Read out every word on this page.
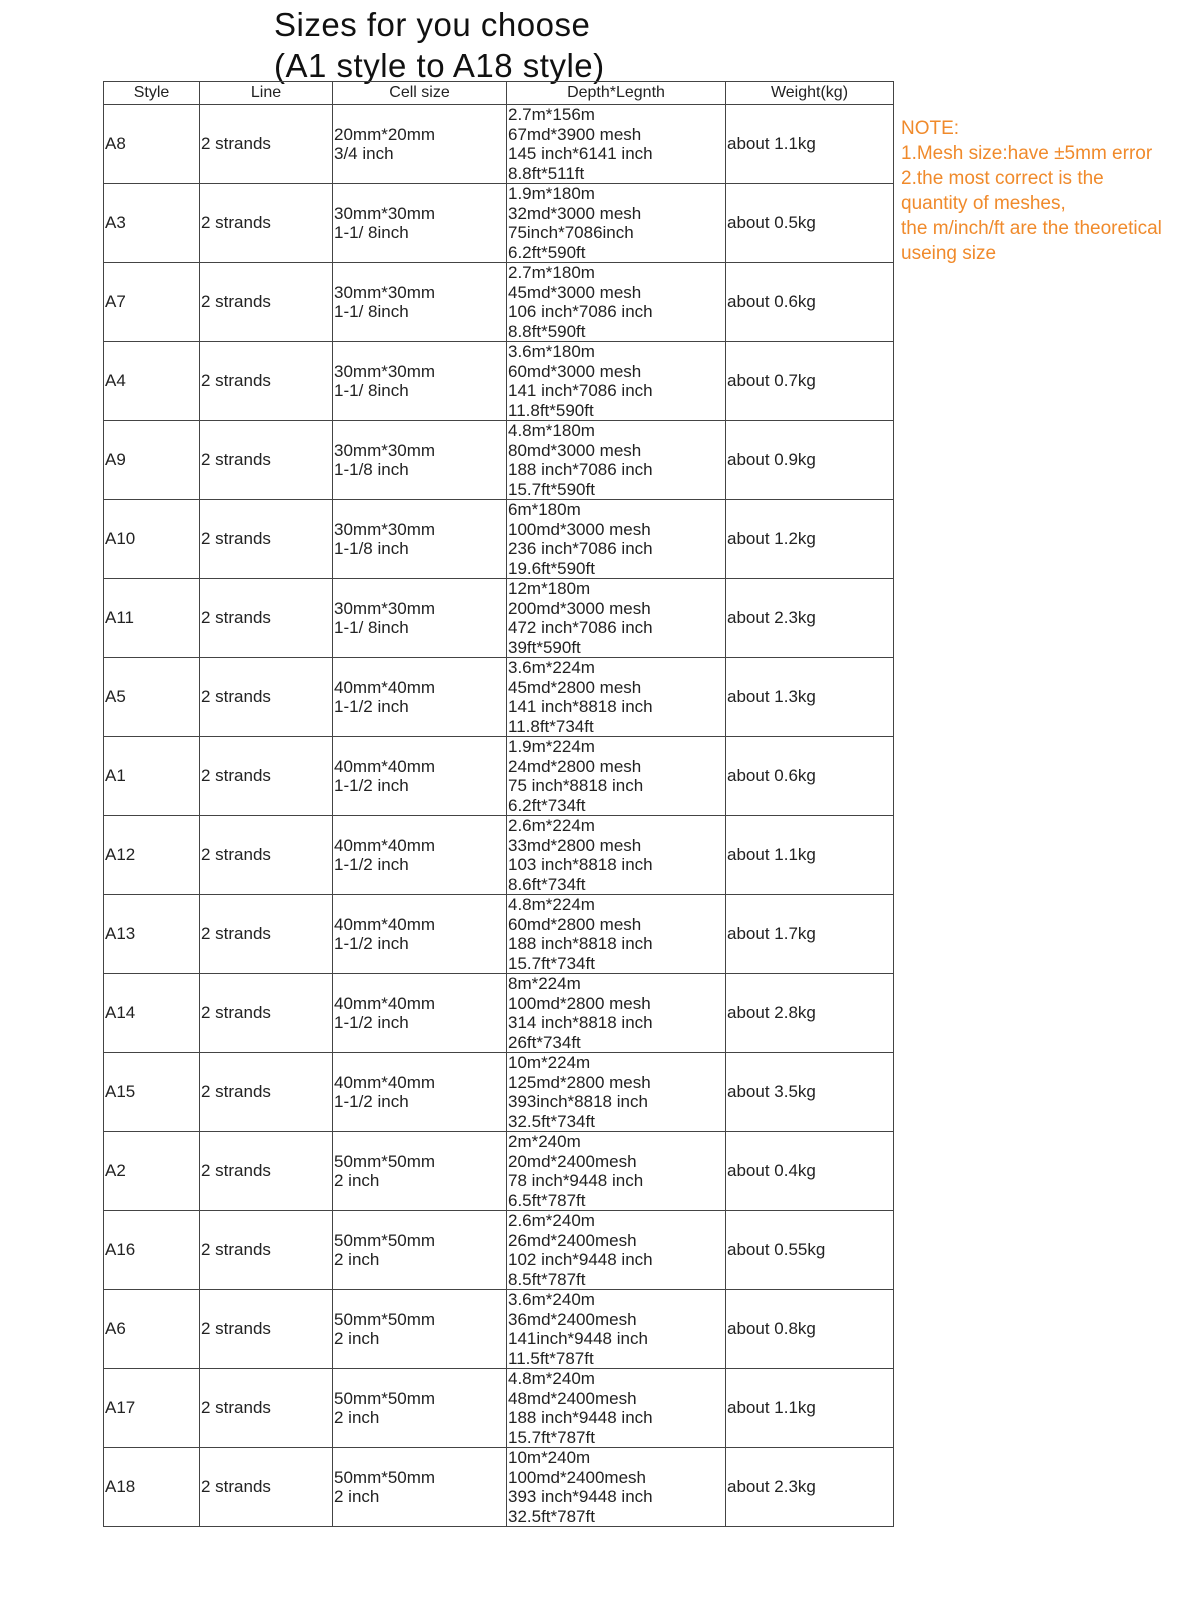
Sizes for you choose
(A1 style to A18 style)
NOTE:
1.Mesh size:have ±5mm error
2.the most correct is the
quantity of meshes,
the m/inch/ft are the theoretical
useing size
Style	Line	Cell size	Depth*Legnth	Weight(kg)

A8	2 strands	20mm*20mm
3/4 inch	2.7m*156m
67md*3900 mesh
145 inch*6141 inch
8.8ft*511ft	about 1.1kg

A3	2 strands	30mm*30mm
1-1/ 8inch	1.9m*180m
32md*3000 mesh
75inch*7086inch
6.2ft*590ft	about 0.5kg

A7	2 strands	30mm*30mm
1-1/ 8inch	2.7m*180m
45md*3000 mesh
106 inch*7086 inch
8.8ft*590ft	about 0.6kg

A4	2 strands	30mm*30mm
1-1/ 8inch	3.6m*180m
60md*3000 mesh
141 inch*7086 inch
11.8ft*590ft	about 0.7kg

A9	2 strands	30mm*30mm
1-1/8 inch	4.8m*180m
80md*3000 mesh
188 inch*7086 inch
15.7ft*590ft	about 0.9kg

A10	2 strands	30mm*30mm
1-1/8 inch	6m*180m
100md*3000 mesh
236 inch*7086 inch
19.6ft*590ft	about 1.2kg

A11	2 strands	30mm*30mm
1-1/ 8inch	12m*180m
200md*3000 mesh
472 inch*7086 inch
39ft*590ft	about 2.3kg

A5	2 strands	40mm*40mm
1-1/2 inch	3.6m*224m
45md*2800 mesh
141 inch*8818 inch
11.8ft*734ft	about 1.3kg

A1	2 strands	40mm*40mm
1-1/2 inch	1.9m*224m
24md*2800 mesh
75 inch*8818 inch
6.2ft*734ft	about 0.6kg

A12	2 strands	40mm*40mm
1-1/2 inch	2.6m*224m
33md*2800 mesh
103 inch*8818 inch
8.6ft*734ft	about 1.1kg

A13	2 strands	40mm*40mm
1-1/2 inch	4.8m*224m
60md*2800 mesh
188 inch*8818 inch
15.7ft*734ft	about 1.7kg

A14	2 strands	40mm*40mm
1-1/2 inch	8m*224m
100md*2800 mesh
314 inch*8818 inch
26ft*734ft	about 2.8kg

A15	2 strands	40mm*40mm
1-1/2 inch	10m*224m
125md*2800 mesh
393inch*8818 inch
32.5ft*734ft	about 3.5kg

A2	2 strands	50mm*50mm
2 inch	2m*240m
20md*2400mesh
78 inch*9448 inch
6.5ft*787ft	about 0.4kg

A16	2 strands	50mm*50mm
2 inch	2.6m*240m
26md*2400mesh
102 inch*9448 inch
8.5ft*787ft	about 0.55kg

A6	2 strands	50mm*50mm
2 inch	3.6m*240m
36md*2400mesh
141inch*9448 inch
11.5ft*787ft	about 0.8kg

A17	2 strands	50mm*50mm
2 inch	4.8m*240m
48md*2400mesh
188 inch*9448 inch
15.7ft*787ft	about 1.1kg

A18	2 strands	50mm*50mm
2 inch	10m*240m
100md*2400mesh
393 inch*9448 inch
32.5ft*787ft	about 2.3kg
